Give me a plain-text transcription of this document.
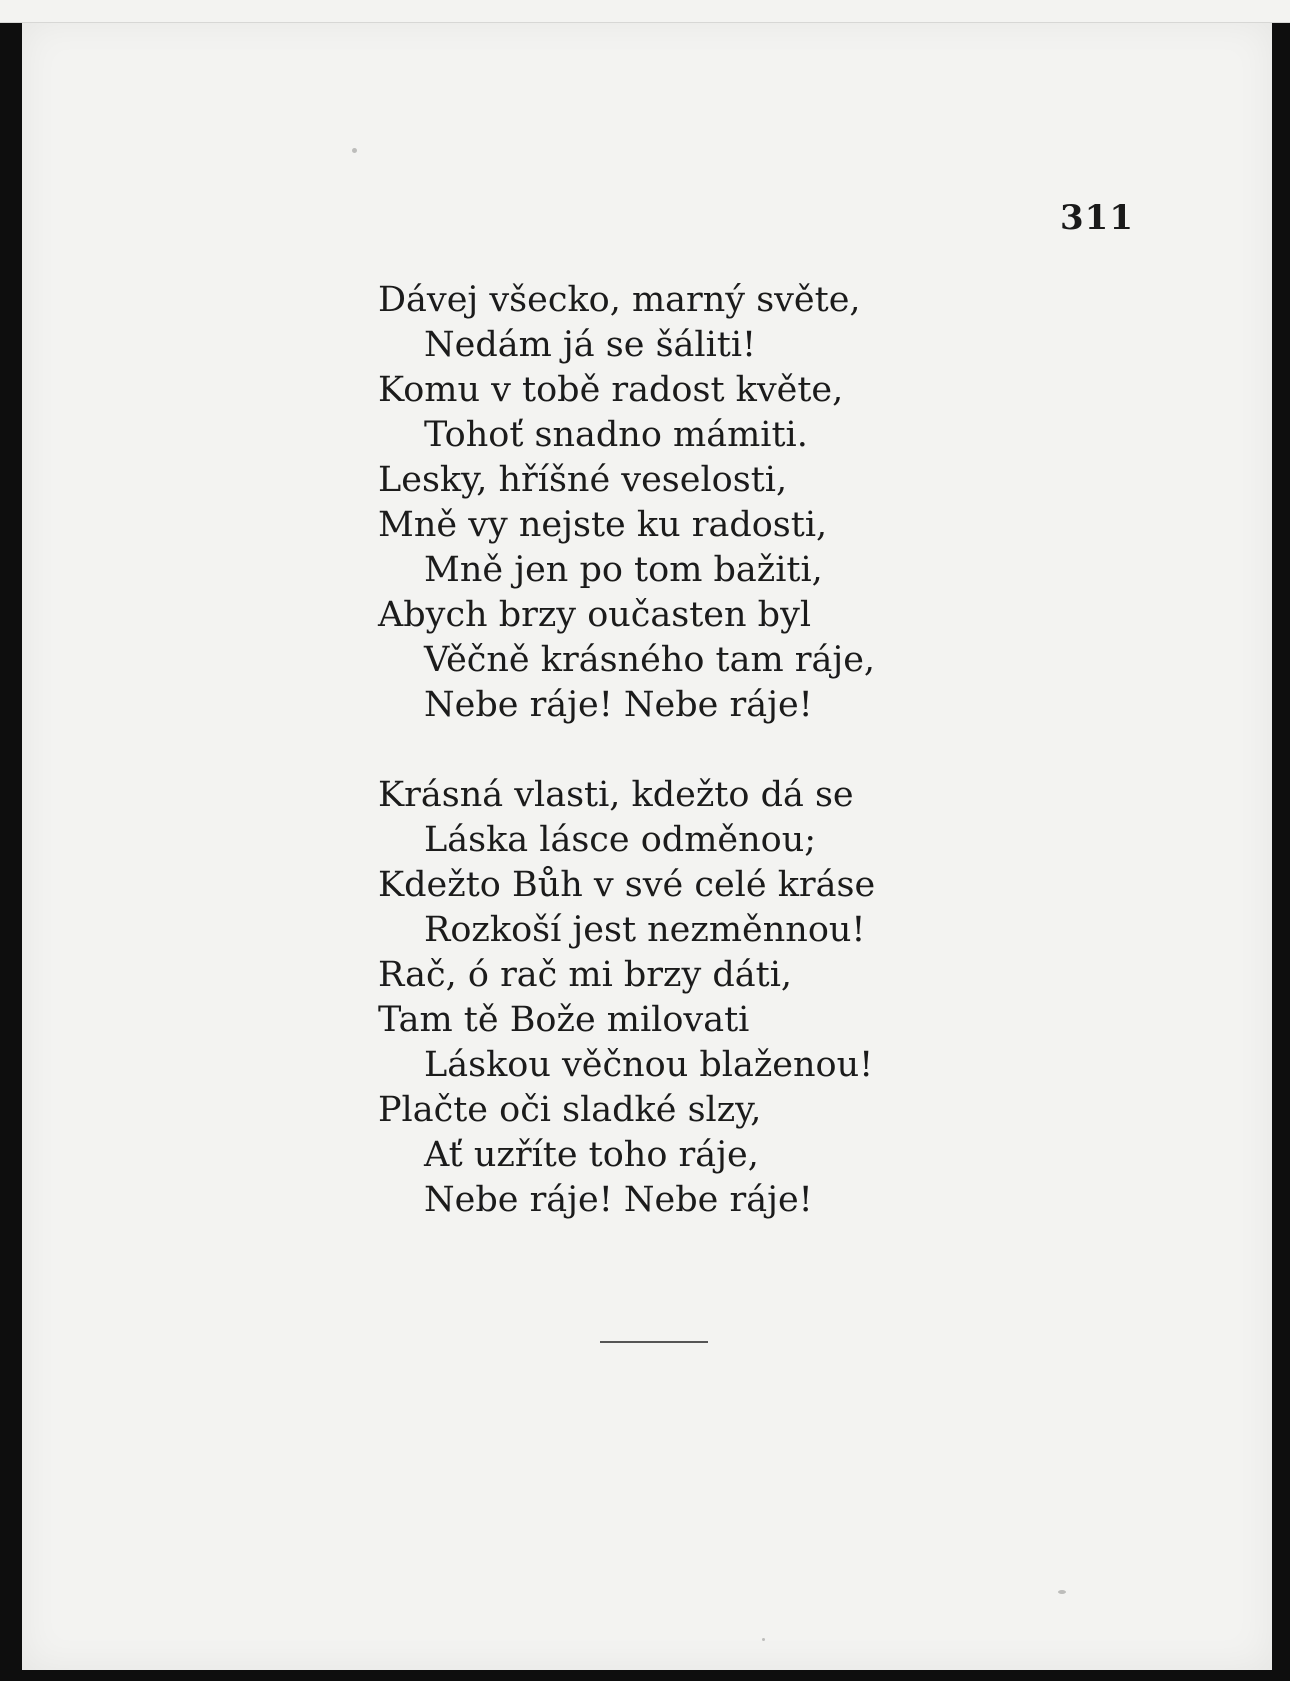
311
Dávej všecko, marný světe,
Nedám já se šáliti!
Komu v tobě radost květe,
Tohoť snadno mámiti.
Lesky, hříšné veselosti,
Mně vy nejste ku radosti,
Mně jen po tom bažiti,
Abych brzy oučasten byl
Věčně krásného tam ráje,
Nebe ráje! Nebe ráje!
Krásná vlasti, kdežto dá se
Láska lásce odměnou;
Kdežto Bůh v své celé kráse
Rozkoší jest nezměnnou!
Rač, ó rač mi brzy dáti,
Tam tě Bože milovati
Láskou věčnou blaženou!
Plačte oči sladké slzy,
Ať uzříte toho ráje,
Nebe ráje! Nebe ráje!
